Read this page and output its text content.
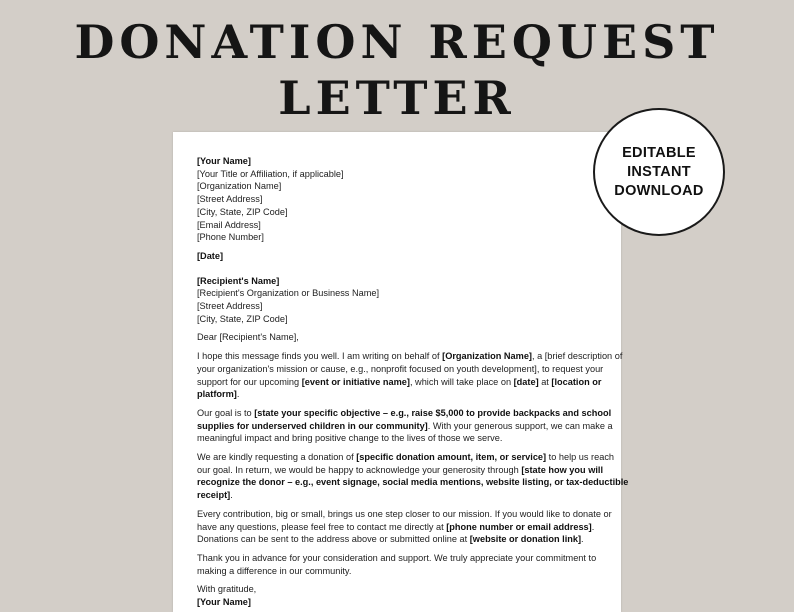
DONATION REQUEST
LETTER
[Your Name]
[Your Title or Affiliation, if applicable]
[Organization Name]
[Street Address]
[City, State, ZIP Code]
[Email Address]
[Phone Number]
[Date]
[Recipient's Name]
[Recipient's Organization or Business Name]
[Street Address]
[City, State, ZIP Code]
Dear [Recipient's Name],
I hope this message finds you well. I am writing on behalf of [Organization Name], a [brief description of
your organization's mission or cause, e.g., nonprofit focused on youth development], to request your
support for our upcoming [event or initiative name], which will take place on [date] at [location or
platform].
Our goal is to [state your specific objective – e.g., raise $5,000 to provide backpacks and school
supplies for underserved children in our community]. With your generous support, we can make a
meaningful impact and bring positive change to the lives of those we serve.
We are kindly requesting a donation of [specific donation amount, item, or service] to help us reach
our goal. In return, we would be happy to acknowledge your generosity through [state how you will
recognize the donor – e.g., event signage, social media mentions, website listing, or tax-deductible
receipt].
Every contribution, big or small, brings us one step closer to our mission. If you would like to donate or
have any questions, please feel free to contact me directly at [phone number or email address].
Donations can be sent to the address above or submitted online at [website or donation link].
Thank you in advance for your consideration and support. We truly appreciate your commitment to
making a difference in our community.
With gratitude,
[Your Name]
EDITABLE
INSTANT
DOWNLOAD
